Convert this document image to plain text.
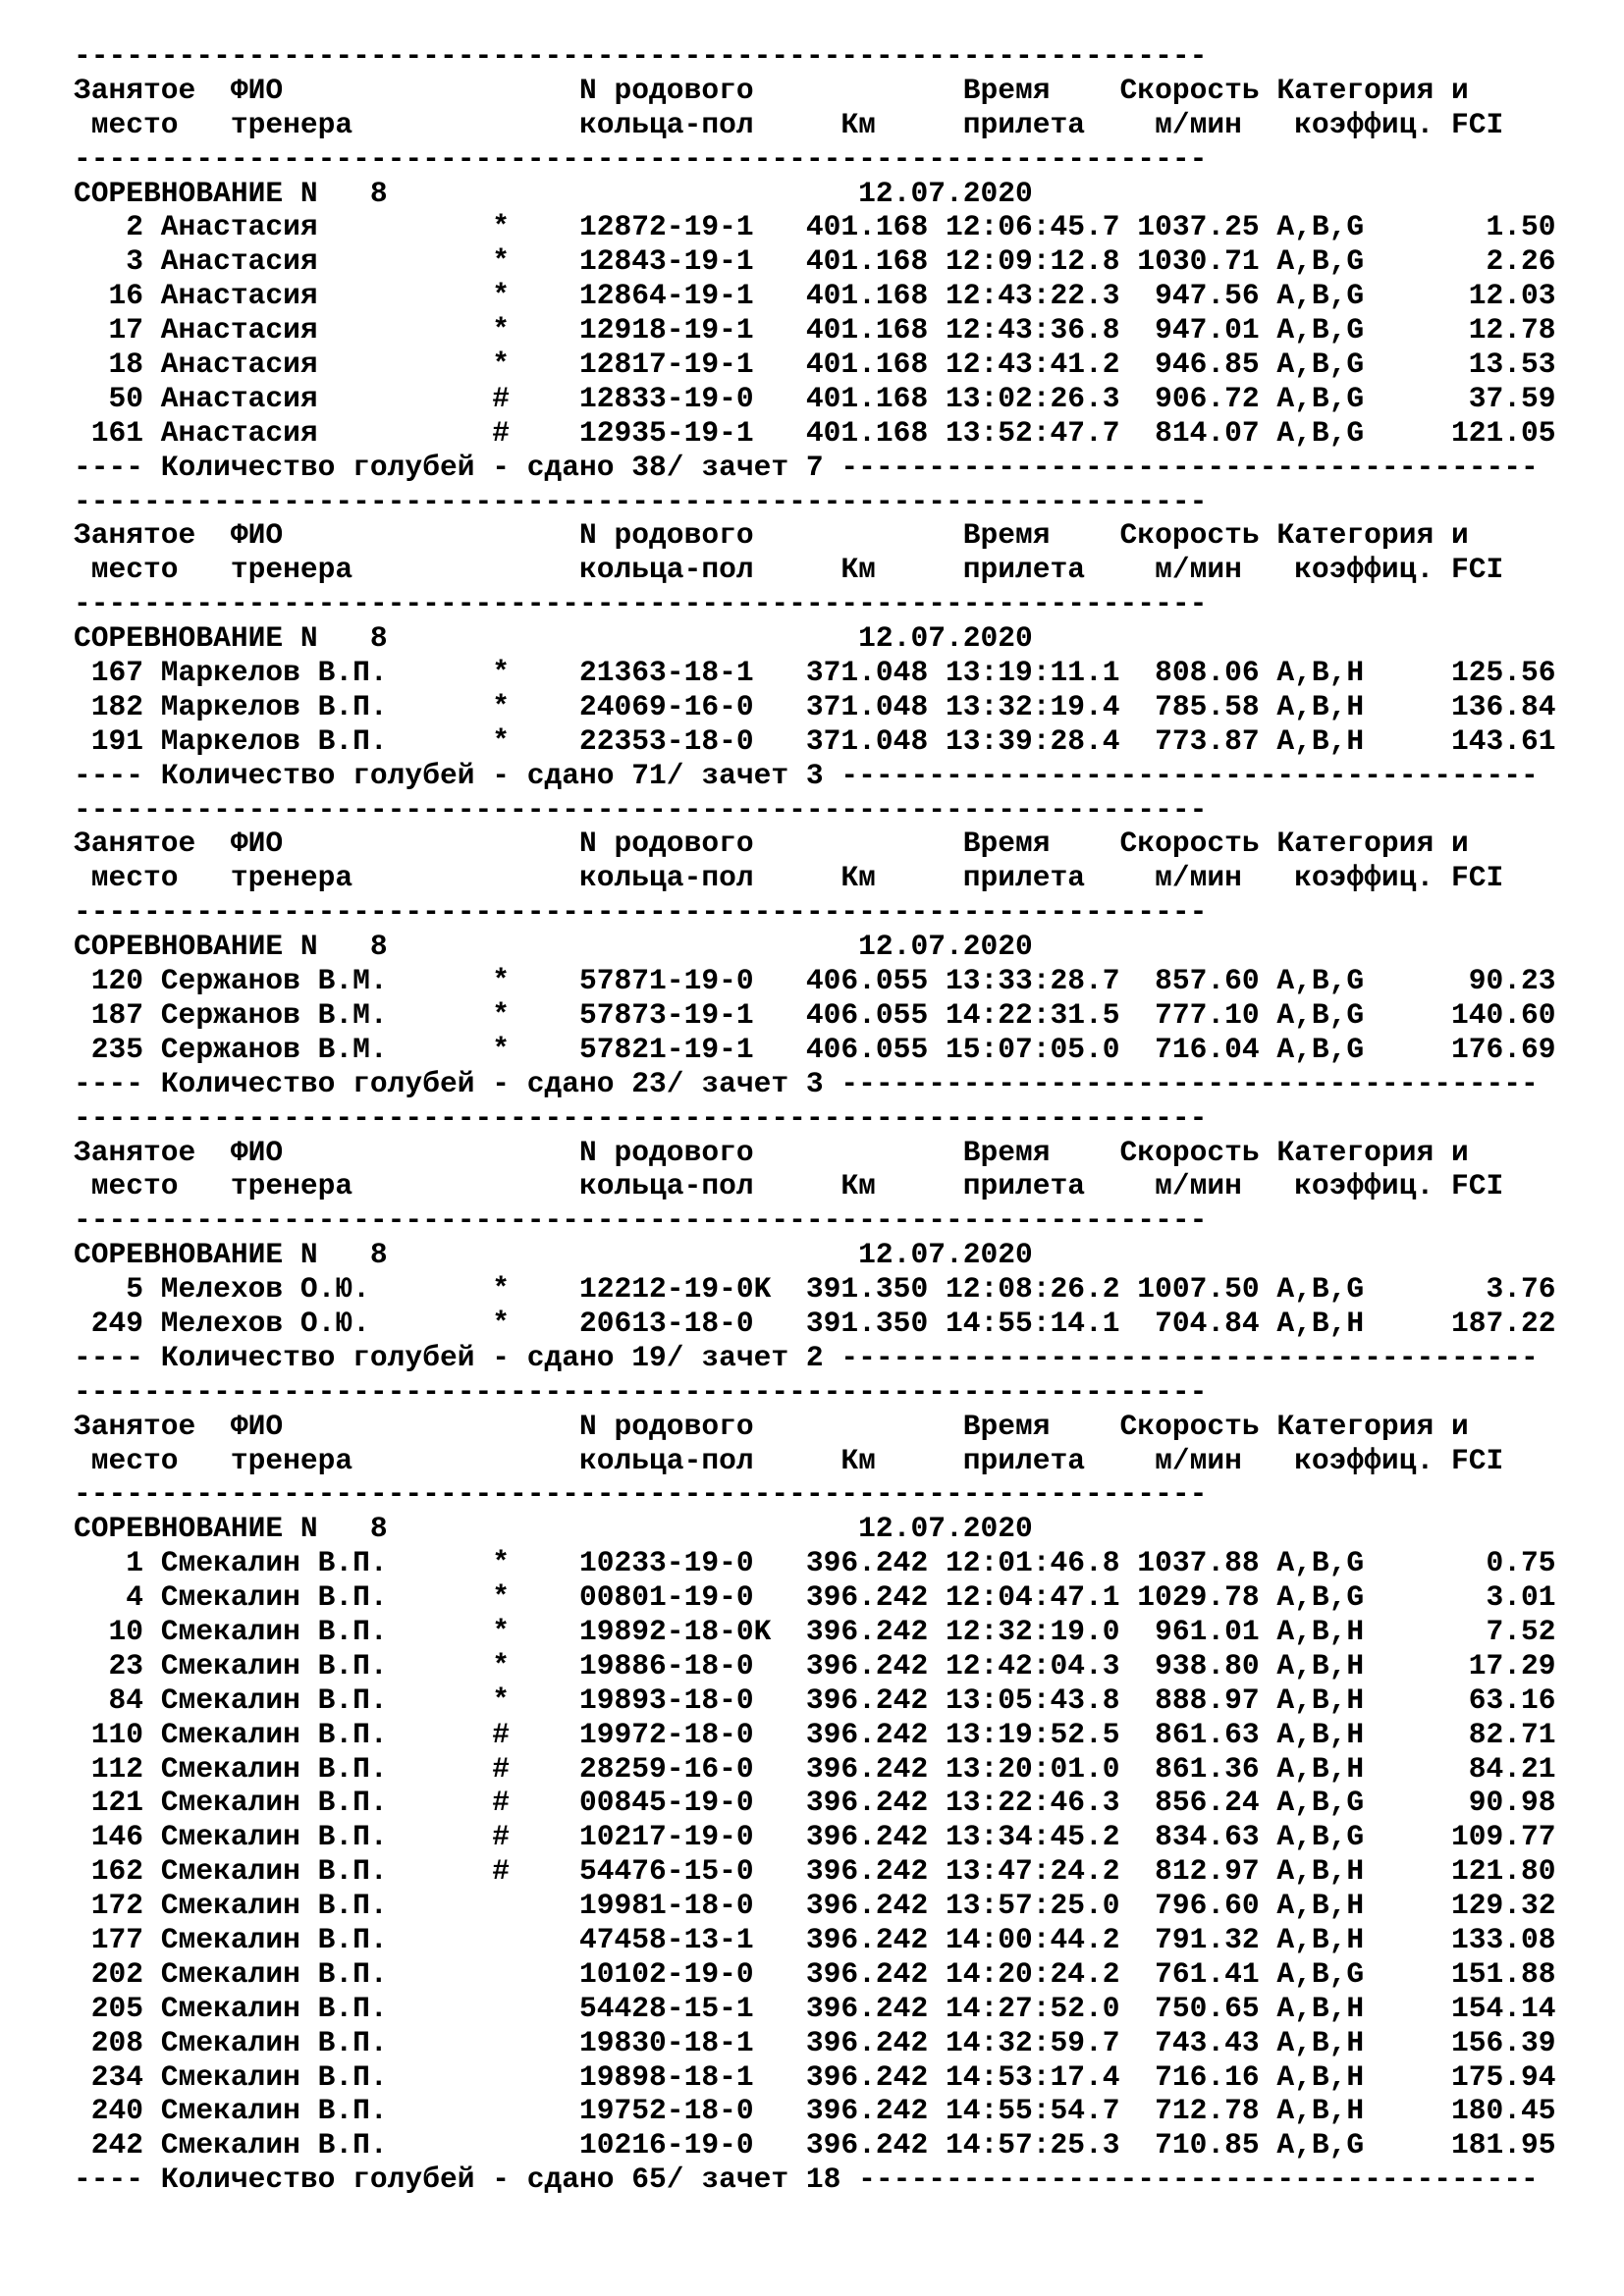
-----------------------------------------------------------------
Занятое  ФИО                 N родового            Время    Скорость Категория и
место   тренера             кольца-пол     Км     прилета    м/мин   коэффиц. FCI
-----------------------------------------------------------------
СОРЕВНОВАНИЕ N   8                           12.07.2020
2 Анастасия          *    12872-19-1   401.168 12:06:45.7 1037.25 A,B,G       1.50
3 Анастасия          *    12843-19-1   401.168 12:09:12.8 1030.71 A,B,G       2.26
16 Анастасия          *    12864-19-1   401.168 12:43:22.3  947.56 A,B,G      12.03
17 Анастасия          *    12918-19-1   401.168 12:43:36.8  947.01 A,B,G      12.78
18 Анастасия          *    12817-19-1   401.168 12:43:41.2  946.85 A,B,G      13.53
50 Анастасия          #    12833-19-0   401.168 13:02:26.3  906.72 A,B,G      37.59
161 Анастасия          #    12935-19-1   401.168 13:52:47.7  814.07 A,B,G     121.05
---- Количество голубей - сдано 38/ зачет 7 ----------------------------------------
-----------------------------------------------------------------
Занятое  ФИО                 N родового            Время    Скорость Категория и
место   тренера             кольца-пол     Км     прилета    м/мин   коэффиц. FCI
-----------------------------------------------------------------
СОРЕВНОВАНИЕ N   8                           12.07.2020
167 Маркелов В.П.      *    21363-18-1   371.048 13:19:11.1  808.06 A,B,H     125.56
182 Маркелов В.П.      *    24069-16-0   371.048 13:32:19.4  785.58 A,B,H     136.84
191 Маркелов В.П.      *    22353-18-0   371.048 13:39:28.4  773.87 A,B,H     143.61
---- Количество голубей - сдано 71/ зачет 3 ----------------------------------------
-----------------------------------------------------------------
Занятое  ФИО                 N родового            Время    Скорость Категория и
место   тренера             кольца-пол     Км     прилета    м/мин   коэффиц. FCI
-----------------------------------------------------------------
СОРЕВНОВАНИЕ N   8                           12.07.2020
120 Сержанов В.М.      *    57871-19-0   406.055 13:33:28.7  857.60 A,B,G      90.23
187 Сержанов В.М.      *    57873-19-1   406.055 14:22:31.5  777.10 A,B,G     140.60
235 Сержанов В.М.      *    57821-19-1   406.055 15:07:05.0  716.04 A,B,G     176.69
---- Количество голубей - сдано 23/ зачет 3 ----------------------------------------
-----------------------------------------------------------------
Занятое  ФИО                 N родового            Время    Скорость Категория и
место   тренера             кольца-пол     Км     прилета    м/мин   коэффиц. FCI
-----------------------------------------------------------------
СОРЕВНОВАНИЕ N   8                           12.07.2020
5 Мелехов О.Ю.       *    12212-19-0K  391.350 12:08:26.2 1007.50 A,B,G       3.76
249 Мелехов О.Ю.       *    20613-18-0   391.350 14:55:14.1  704.84 A,B,H     187.22
---- Количество голубей - сдано 19/ зачет 2 ----------------------------------------
-----------------------------------------------------------------
Занятое  ФИО                 N родового            Время    Скорость Категория и
место   тренера             кольца-пол     Км     прилета    м/мин   коэффиц. FCI
-----------------------------------------------------------------
СОРЕВНОВАНИЕ N   8                           12.07.2020
1 Смекалин В.П.      *    10233-19-0   396.242 12:01:46.8 1037.88 A,B,G       0.75
4 Смекалин В.П.      *    00801-19-0   396.242 12:04:47.1 1029.78 A,B,G       3.01
10 Смекалин В.П.      *    19892-18-0K  396.242 12:32:19.0  961.01 A,B,H       7.52
23 Смекалин В.П.      *    19886-18-0   396.242 12:42:04.3  938.80 A,B,H      17.29
84 Смекалин В.П.      *    19893-18-0   396.242 13:05:43.8  888.97 A,B,H      63.16
110 Смекалин В.П.      #    19972-18-0   396.242 13:19:52.5  861.63 A,B,H      82.71
112 Смекалин В.П.      #    28259-16-0   396.242 13:20:01.0  861.36 A,B,H      84.21
121 Смекалин В.П.      #    00845-19-0   396.242 13:22:46.3  856.24 A,B,G      90.98
146 Смекалин В.П.      #    10217-19-0   396.242 13:34:45.2  834.63 A,B,G     109.77
162 Смекалин В.П.      #    54476-15-0   396.242 13:47:24.2  812.97 A,B,H     121.80
172 Смекалин В.П.           19981-18-0   396.242 13:57:25.0  796.60 A,B,H     129.32
177 Смекалин В.П.           47458-13-1   396.242 14:00:44.2  791.32 A,B,H     133.08
202 Смекалин В.П.           10102-19-0   396.242 14:20:24.2  761.41 A,B,G     151.88
205 Смекалин В.П.           54428-15-1   396.242 14:27:52.0  750.65 A,B,H     154.14
208 Смекалин В.П.           19830-18-1   396.242 14:32:59.7  743.43 A,B,H     156.39
234 Смекалин В.П.           19898-18-1   396.242 14:53:17.4  716.16 A,B,H     175.94
240 Смекалин В.П.           19752-18-0   396.242 14:55:54.7  712.78 A,B,H     180.45
242 Смекалин В.П.           10216-19-0   396.242 14:57:25.3  710.85 A,B,G     181.95
---- Количество голубей - сдано 65/ зачет 18 ---------------------------------------
